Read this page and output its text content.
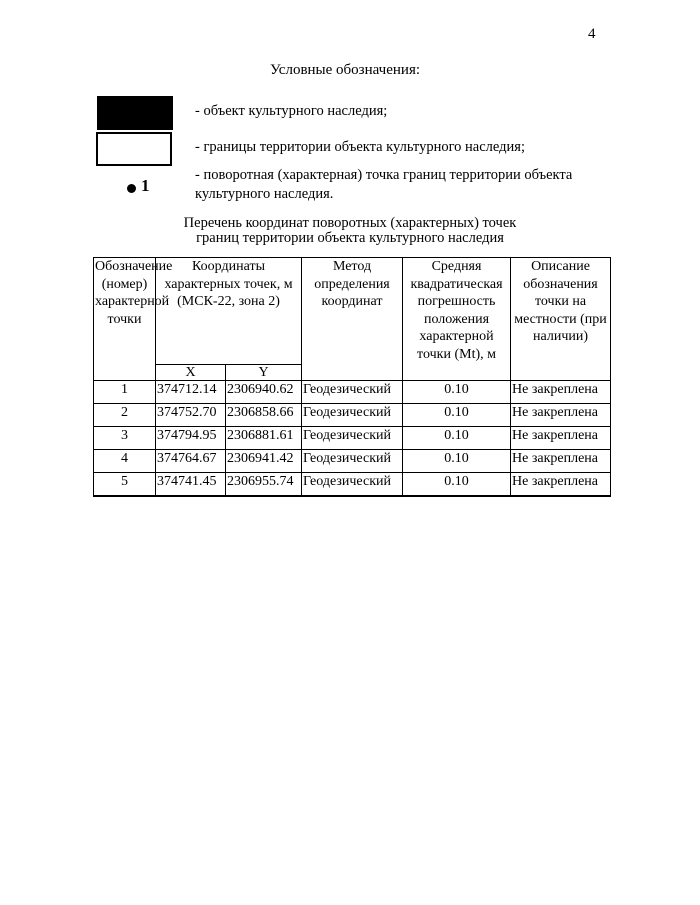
4
Условные обозначения:
- объект культурного наследия;
- границы территории объекта культурного наследия;
1
- поворотная (характерная) точка границ территории объекта культурного наследия.
Перечень координат поворотных (характерных) точек
границ территории объекта культурного наследия
Обозначение (номер) характерной точки	Координаты характерных точек, м (МСК-22, зона 2)		Метод определения координат	Средняя квадратическая погрешность положения характерной точки (Mt), м	Описание обозначения точки на местности (при наличии)
	X	Y			
1	374712.14	2306940.62	Геодезический	0.10	Не закреплена
2	374752.70	2306858.66	Геодезический	0.10	Не закреплена
3	374794.95	2306881.61	Геодезический	0.10	Не закреплена
4	374764.67	2306941.42	Геодезический	0.10	Не закреплена
5	374741.45	2306955.74	Геодезический	0.10	Не закреплена
